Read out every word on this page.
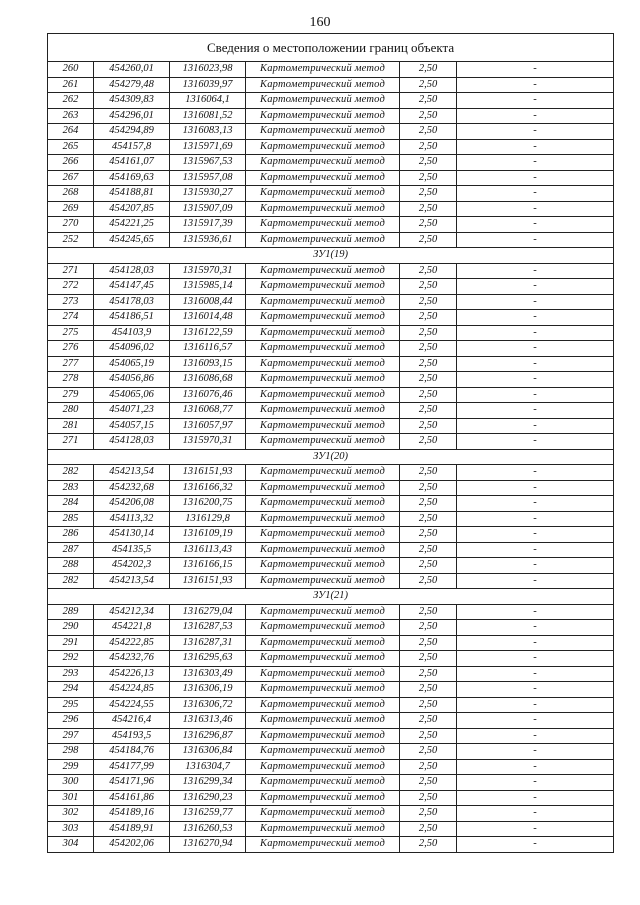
160
Сведения о местоположении границ объекта					
260	454260,01	1316023,98	Картометрический метод	2,50	-
261	454279,48	1316039,97	Картометрический метод	2,50	-
262	454309,83	1316064,1	Картометрический метод	2,50	-
263	454296,01	1316081,52	Картометрический метод	2,50	-
264	454294,89	1316083,13	Картометрический метод	2,50	-
265	454157,8	1315971,69	Картометрический метод	2,50	-
266	454161,07	1315967,53	Картометрический метод	2,50	-
267	454169,63	1315957,08	Картометрический метод	2,50	-
268	454188,81	1315930,27	Картометрический метод	2,50	-
269	454207,85	1315907,09	Картометрический метод	2,50	-
270	454221,25	1315917,39	Картометрический метод	2,50	-
252	454245,65	1315936,61	Картометрический метод	2,50	-
ЗУ1(19)					
271	454128,03	1315970,31	Картометрический метод	2,50	-
272	454147,45	1315985,14	Картометрический метод	2,50	-
273	454178,03	1316008,44	Картометрический метод	2,50	-
274	454186,51	1316014,48	Картометрический метод	2,50	-
275	454103,9	1316122,59	Картометрический метод	2,50	-
276	454096,02	1316116,57	Картометрический метод	2,50	-
277	454065,19	1316093,15	Картометрический метод	2,50	-
278	454056,86	1316086,68	Картометрический метод	2,50	-
279	454065,06	1316076,46	Картометрический метод	2,50	-
280	454071,23	1316068,77	Картометрический метод	2,50	-
281	454057,15	1316057,97	Картометрический метод	2,50	-
271	454128,03	1315970,31	Картометрический метод	2,50	-
ЗУ1(20)					
282	454213,54	1316151,93	Картометрический метод	2,50	-
283	454232,68	1316166,32	Картометрический метод	2,50	-
284	454206,08	1316200,75	Картометрический метод	2,50	-
285	454113,32	1316129,8	Картометрический метод	2,50	-
286	454130,14	1316109,19	Картометрический метод	2,50	-
287	454135,5	1316113,43	Картометрический метод	2,50	-
288	454202,3	1316166,15	Картометрический метод	2,50	-
282	454213,54	1316151,93	Картометрический метод	2,50	-
ЗУ1(21)					
289	454212,34	1316279,04	Картометрический метод	2,50	-
290	454221,8	1316287,53	Картометрический метод	2,50	-
291	454222,85	1316287,31	Картометрический метод	2,50	-
292	454232,76	1316295,63	Картометрический метод	2,50	-
293	454226,13	1316303,49	Картометрический метод	2,50	-
294	454224,85	1316306,19	Картометрический метод	2,50	-
295	454224,55	1316306,72	Картометрический метод	2,50	-
296	454216,4	1316313,46	Картометрический метод	2,50	-
297	454193,5	1316296,87	Картометрический метод	2,50	-
298	454184,76	1316306,84	Картометрический метод	2,50	-
299	454177,99	1316304,7	Картометрический метод	2,50	-
300	454171,96	1316299,34	Картометрический метод	2,50	-
301	454161,86	1316290,23	Картометрический метод	2,50	-
302	454189,16	1316259,77	Картометрический метод	2,50	-
303	454189,91	1316260,53	Картометрический метод	2,50	-
304	454202,06	1316270,94	Картометрический метод	2,50	-
